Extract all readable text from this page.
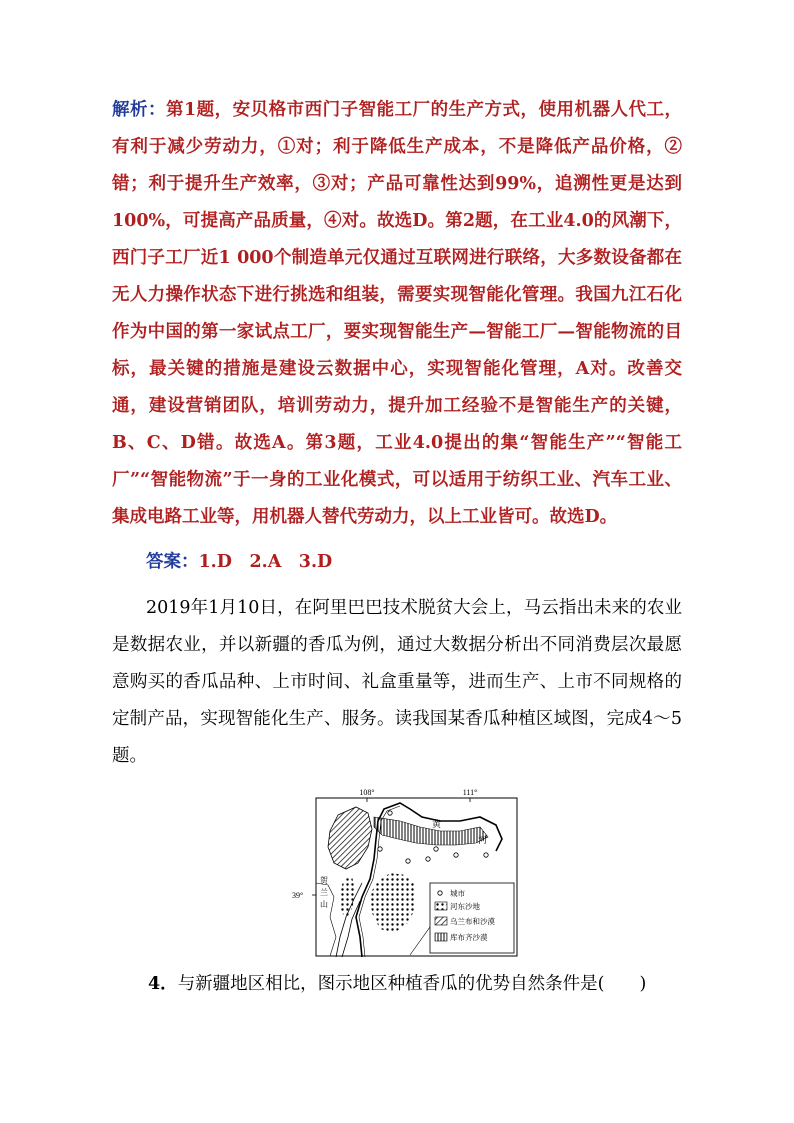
解析：第1题，安贝格市西门子智能工厂的生产方式，使用机器人代工，有利于减少劳动力，①对；利于降低生产成本，不是降低产品价格，②错；利于提升生产效率，③对；产品可靠性达到99%，追溯性更是达到100%，可提高产品质量，④对。故选D。第2题，在工业4.0的风潮下，西门子工厂近1 000个制造单元仅通过互联网进行联络，大多数设备都在无人力操作状态下进行挑选和组装，需要实现智能化管理。我国九江石化作为中国的第一家试点工厂，要实现智能生产—智能工厂—智能物流的目标，最关键的措施是建设云数据中心，实现智能化管理，A对。改善交通，建设营销团队，培训劳动力，提升加工经验不是智能生产的关键，B、C、D错。故选A。第3题，工业4.0提出的集“智能生产”“智能工厂”“智能物流”于一身的工业化模式，可以适用于纺织工业、汽车工业、集成电路工业等，用机器人替代劳动力，以上工业皆可。故选D。
答案：1.D　2.A　3.D
2019年1月10日，在阿里巴巴技术脱贫大会上，马云指出未来的农业是数据农业，并以新疆的香瓜为例，通过大数据分析出不同消费层次最愿意购买的香瓜品种、上市时间、礼盒重量等，进而生产、上市不同规格的定制产品，实现智能化生产、服务。读我国某香瓜种植区域图，完成4～5题。
108°	111°
39°
黄
河
贺
兰
山
城市
河东沙地
乌兰布和沙漠
库布齐沙漠
4．与新疆地区相比，图示地区种植香瓜的优势自然条件是(　　)
